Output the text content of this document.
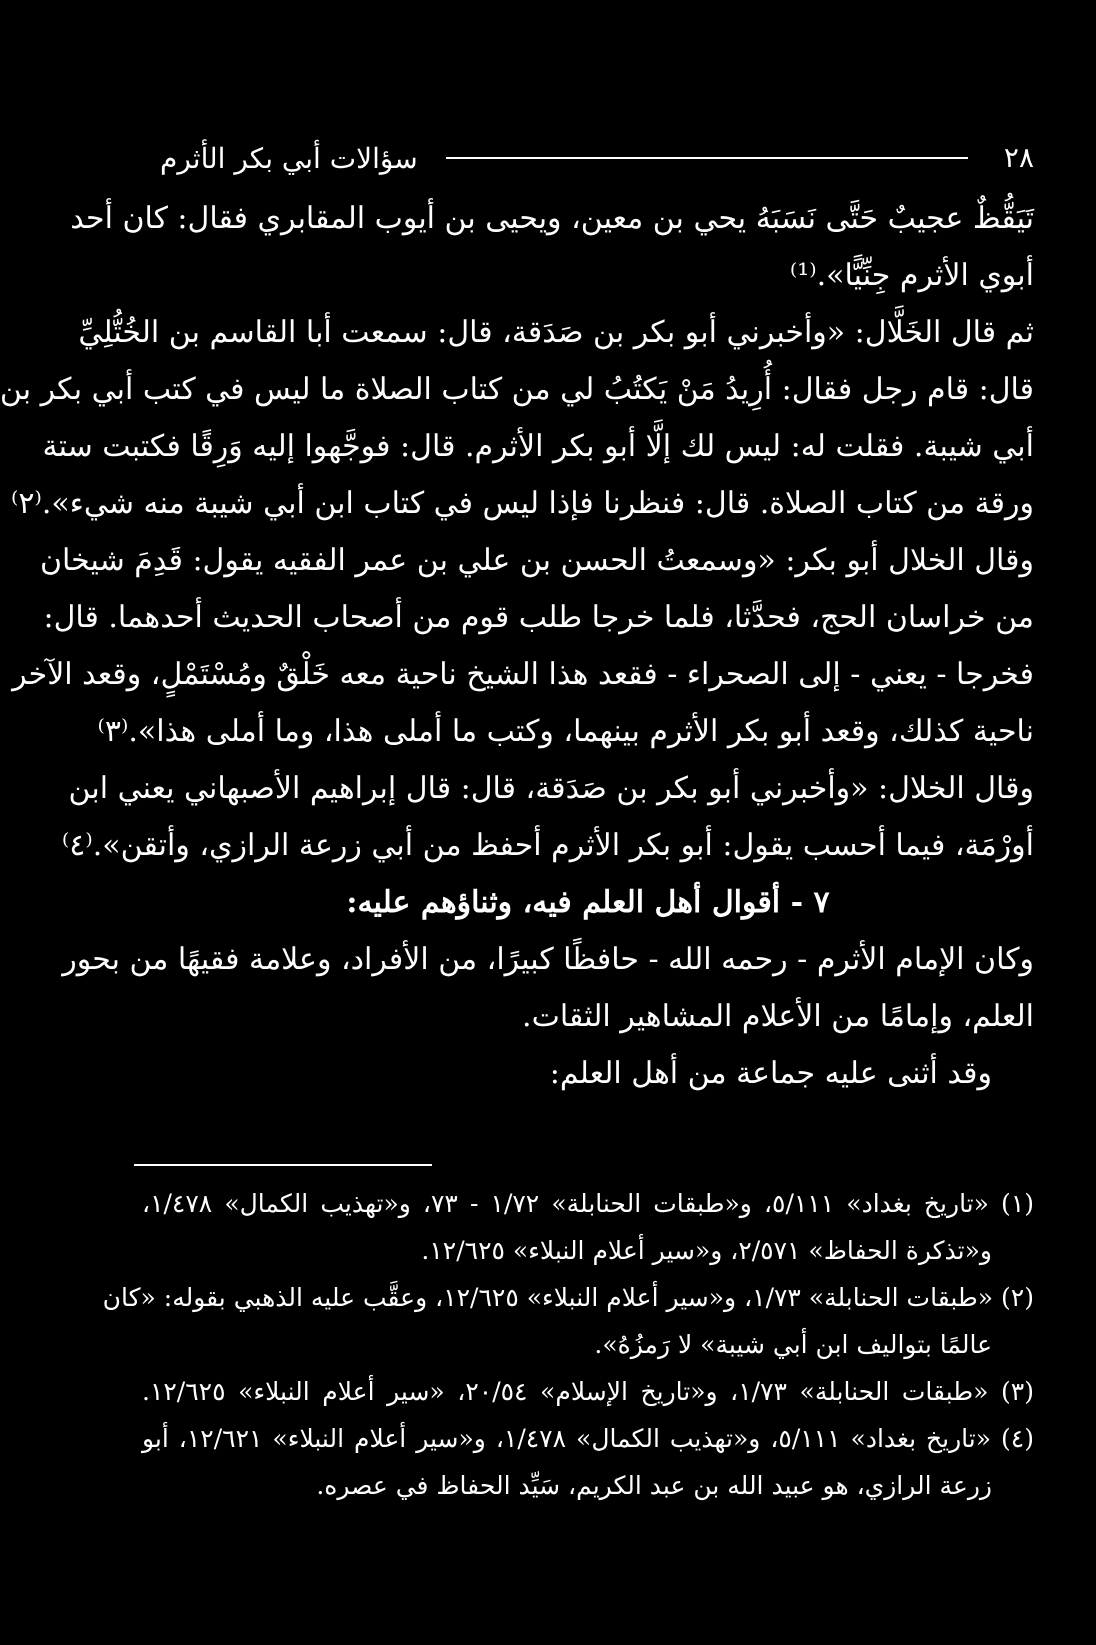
٢٨
سؤالات أبي بكر الأثرم
تَيَقُّظٌ عجيبٌ حَتَّى نَسَبَهُ يحي بن معين، ويحيى بن أيوب المقابري فقال: كان أحد
أبوي الأثرم جِنِّيًّا».⁽¹⁾
ثم قال الخَلَّال: «وأخبرني أبو بكر بن صَدَقة، قال: سمعت أبا القاسم بن الخُتُّلِيِّ
قال: قام رجل فقال: أُرِيدُ مَنْ يَكتُبُ لي من كتاب الصلاة ما ليس في كتب أبي بكر بن
أبي شيبة. فقلت له: ليس لك إلَّا أبو بكر الأثرم. قال: فوجَّهوا إليه وَرِقًا فكتبت ستة
ورقة من كتاب الصلاة. قال: فنظرنا فإذا ليس في كتاب ابن أبي شيبة منه شيء».⁽٢⁾
وقال الخلال أبو بكر: «وسمعتُ الحسن بن علي بن عمر الفقيه يقول: قَدِمَ شيخان
من خراسان الحج، فحدَّثا، فلما خرجا طلب قوم من أصحاب الحديث أحدهما. قال:
فخرجا - يعني - إلى الصحراء - فقعد هذا الشيخ ناحية معه خَلْقٌ ومُسْتَمْلٍ، وقعد الآخر
ناحية كذلك، وقعد أبو بكر الأثرم بينهما، وكتب ما أملى هذا، وما أملى هذا».⁽٣⁾
وقال الخلال: «وأخبرني أبو بكر بن صَدَقة، قال: قال إبراهيم الأصبهاني يعني ابن
أورْمَة، فيما أحسب يقول: أبو بكر الأثرم أحفظ من أبي زرعة الرازي، وأتقن».⁽٤⁾
٧ - أقوال أهل العلم فيه، وثناؤهم عليه:
وكان الإمام الأثرم - رحمه الله - حافظًا كبيرًا، من الأفراد، وعلامة فقيهًا من بحور
العلم، وإمامًا من الأعلام المشاهير الثقات.
وقد أثنى عليه جماعة من أهل العلم:
(١) «تاريخ بغداد» ٥/١١١، و«طبقات الحنابلة» ١/٧٢ - ٧٣، و«تهذيب الكمال» ١/٤٧٨،
و«تذكرة الحفاظ» ٢/٥٧١، و«سير أعلام النبلاء» ١٢/٦٢٥.
(٢) «طبقات الحنابلة» ١/٧٣، و«سير أعلام النبلاء» ١٢/٦٢٥، وعقَّب عليه الذهبي بقوله: «كان
عالمًا بتواليف ابن أبي شيبة» لا رَمزُهُ».
(٣) «طبقات الحنابلة» ١/٧٣، و«تاريخ الإسلام» ٢٠/٥٤، «سير أعلام النبلاء» ١٢/٦٢٥.
(٤) «تاريخ بغداد» ٥/١١١، و«تهذيب الكمال» ١/٤٧٨، و«سير أعلام النبلاء» ١٢/٦٢١، أبو
زرعة الرازي، هو عبيد الله بن عبد الكريم، سَيِّد الحفاظ في عصره.
